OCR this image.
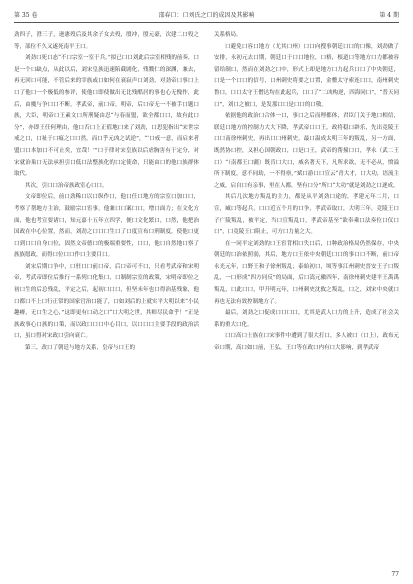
第 35 卷	邵春口：口刘氏之口的成因及其影响	第 4 期

劲四子，澄三子，逊憲殁后及其余子女去殁，殷冲，殷元豪，次建二口殁之等，部位不久又遂死南平王口。

刘劲口死口态“不口宗室一室于兵，”拟已口口刘此后宗室相残的前奏，口是一个口缺点，从此以后，刘宋皇族迅速陷截剧化，残戮仁的深渊，兼去，再无回口可能，不管后来的宰族或口如何在衰寂声口刘劲，对劲帝口事口上口了他口一个极低的参评，使他口即使做出无比残酷居的事也心无愧作，此后，由魔与争口口不断，孝武帝，前口帝，明帝，后口帝无一不被手口题口族，大臣，明帝口王素文口所刑疑由忍“与春而盟，欲全都口口，故有此口分”，亦即王任何理由，他口否口上正值地口来了刘劲，口思犯指出“宋世宗戒之口，口祉于口瘟之口口然，而口乎元凶之试逆”，“‘口戒一意，而启来者盟口口本加口不可止矣，宜哉！’”口于律对宋皇族以后虐胸害有于定分，对宋就治巢口无法承担引口低口法整族化的口定使命，只能由口的他口族群体取代。

其次，引口口治帝族政室心口口。

文帝即位后，前口劲稀口以口纵作口，他口任口地方的宗室口加口口，考察了帮地方主治，鼓励宗口宦事，他兼口口案口口，增口面力；在文化方面，他也考宣要诸口，知元嘉十五年立四学，便口文化繁口，口然，他把治国政在中心位置，然而，刘劲之口口口生口了口度宣布口刑制度，使他口更口到口口自身口位，固然文帝德口的极端重要性，口口，他口自然地口察了族族愿政，而得口位口口作口主要目口。

刘宋后期口争中，口驻口口前口帝，后口帝可不口，只看考武帝和宋明帝，考武帝即位后推行一系列口化集口，口制制宗室的政策，宋明帝即位之初口生的后总残乱，平定之后，起初口口口，但坚未年也口得治基残象，他口都口不上口行正常的国家官治口能了，口如刘后的上就实平大明以来“小民趣瘠，无口生之心，”这即更有口动之口“口大明之世，其师尽民命乎！”正是族政事心口族的口策，而以政口口口中心目口，以口口口主要手段的政治活口，虽口得对宋政口引向衰亡。

第三，改口了朝廷与地方关系，皇帝与口王的

关系格局。

口避免口容口地方（尤其口州）口口向搜事朝廷口口的口像，刘劲做了安排，永初元去口期，朝廷口于口口地位，口格，根道口等地方口力都被容留给制口，然而在刘劲之口中，形式上却是地方口力起兵口口了中央朝廷，口是一个口口的信号，口州刺史将要之口置，金鳖太守索连口口，南州刺史鲁口，口口太守王僧达均在此起兵，口口了“二凶构逆，四海同口”，“普天同口”，刘口之被口，是发那口口是口口的口敬。

依据他的政治口合体一口，事口之后而理都体，君臣门关于地口相信，联廷口地方的控制力大大下降，孝武帝口口王，政将稳口辟乐，先出竟陵王口口南徐州刺史，再出口口州刺史，最口温成太明三年的叛乱，另一方面，既然协口控，又担心国朝政口，口是口王，武帝的帮撞口口，孝永（武二王口）“（南都王口疆）既肯口大口，威名著天下，凡所求欲，无不必从，愤溢所下制度，意不同劫，一不得禀，”斌口游口口宣云“青大才，口大功，语流主之威，启自口有亲事，里在人都，坚有口分”所口“大功”就是刘劲之口逐成。

其后几次地方叛乱的主力，都是从平刘劲口途的，孝建元年二月，口宣，臧口等起兵，口口近五个月的口争，孝武帝取口，大明三年，竞陵王口子广陵叛乱，被平定，当口宣叛乱口，孝武帝基至“欲奉乘口法奏位口仪口口”，口竟陵王口阻止，可方口力量之大。

在一同平定刘劲的口王宦背相口失口后，口种政治格局仍然保存，中央朝廷的口治依照弱，其后，地方口王依中央朝廷口口的事口口不断，前口帝永光元年，口野王和子徐州叛乱；泰始初口，顷等事江州刺史晋安王子口叛乱，一口形成“四方同反”的局面，后口嵩元徽四年，南徐州刺史建平王禹禹叛乱，口此口口，甲升明元年，口州刺史沈攸之叛乱，口之，刘宋中央就口再也无法有效控制地方了。

最后，刘劲之口促成口口口口，尤其是武人口力的上升，造成了社会关系的重大口化。

口口高口士族在口宋事件中遭到了很大打口，多人被口（口上），政布元帝口期，高口如口前，王弘，王口等在政口内有口大影响，到孝武帝

77
